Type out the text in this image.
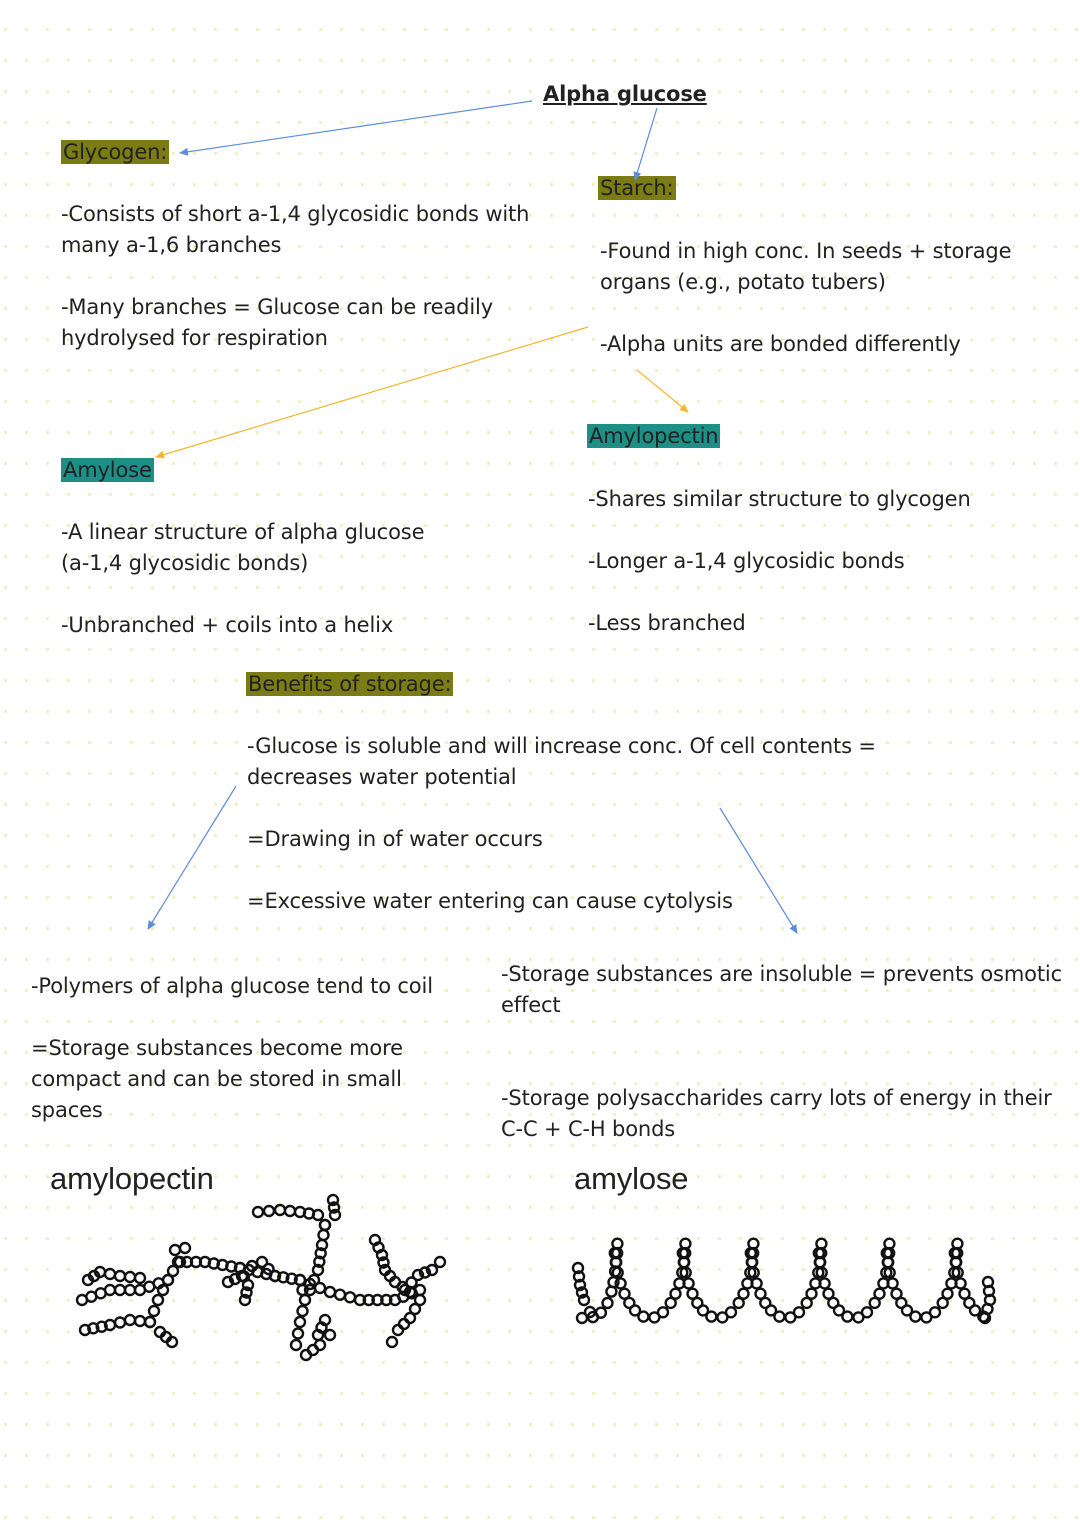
Alpha glucose
Glycogen:
-Consists of short a-1,4 glycosidic bonds with
many a-1,6 branches
-Many branches = Glucose can be readily
hydrolysed for respiration
Starch:
-Found in high conc. In seeds + storage
organs (e.g., potato tubers)
-Alpha units are bonded differently
Amylose
-A linear structure of alpha glucose
(a-1,4 glycosidic bonds)
-Unbranched + coils into a helix
Amylopectin
-Shares similar structure to glycogen
-Longer a-1,4 glycosidic bonds
-Less branched
Benefits of storage:
-Glucose is soluble and will increase conc. Of cell contents =
decreases water potential
=Drawing in of water occurs
=Excessive water entering can cause cytolysis
-Polymers of alpha glucose tend to coil
=Storage substances become more
compact and can be stored in small
spaces
-Storage substances are insoluble = prevents osmotic
effect
-Storage polysaccharides carry lots of energy in their
C-C + C-H bonds
amylopectin	amylose
